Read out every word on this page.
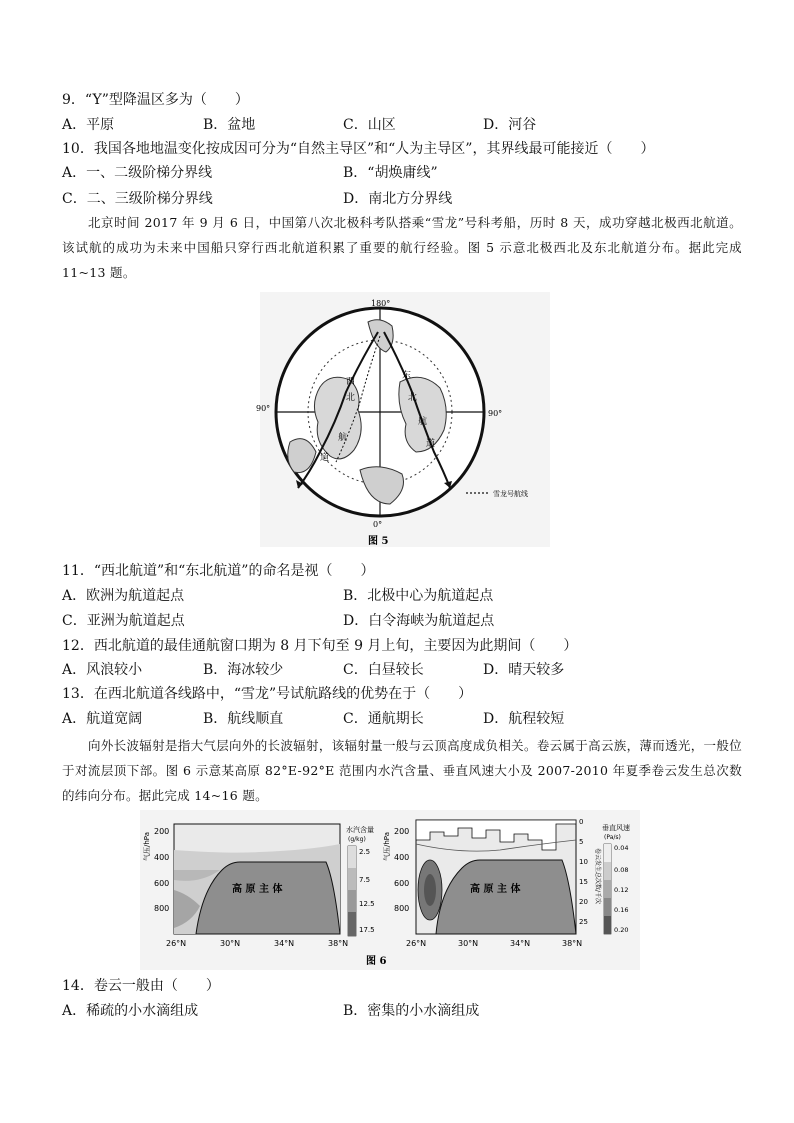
9．“Y”型降温区多为（　　）
A．平原	B．盆地	C．山区	D．河谷
10．我国各地地温变化按成因可分为“自然主导区”和“人为主导区”，其界线最可能接近（　　）
A．一、二级阶梯分界线	B．“胡焕庸线”
C．二、三级阶梯分界线	D．南北方分界线
北京时间 2017 年 9 月 6 日，中国第八次北极科考队搭乘“雪龙”号科考船，历时 8 天，成功穿越北极西北航道。该试航的成功为未来中国船只穿行西北航道积累了重要的航行经验。图 5 示意北极西北及东北航道分布。据此完成 11~13 题。
180°
0°
90°
90°
西
北
航
道
东
北
航
道
雪龙号航线
图 5
11．“西北航道”和“东北航道”的命名是视（　　）
A．欧洲为航道起点	B．北极中心为航道起点
C．亚洲为航道起点	D．白令海峡为航道起点
12．西北航道的最佳通航窗口期为 8 月下旬至 9 月上旬，主要因为此期间（　　）
A．风浪较小	B．海冰较少	C．白昼较长	D．晴天较多
13．在西北航道各线路中，“雪龙”号试航路线的优势在于（　　）
A．航道宽阔	B．航线顺直	C．通航期长	D．航程较短
向外长波辐射是指大气层向外的长波辐射，该辐射量一般与云顶高度成负相关。卷云属于高云族，薄而透光，一般位于对流层顶下部。图 6 示意某高原 82°E-92°E 范围内水汽含量、垂直风速大小及 2007-2010 年夏季卷云发生总次数的纬向分布。据此完成 14~16 题。
气压/hPa
200
400
600
800
高 原 主 体
26°N	30°N	34°N	38°N
水汽含量
(g/kg)
2.5
7.5
12.5
17.5
气压/hPa
200
400
600
800
高 原 主 体
26°N	30°N	34°N	38°N
0
5
10
15
20
25
卷云发生总次数/千次
垂直风速
(Pa/s)
0.04
0.08
0.12
0.16
0.20
图 6
14．卷云一般由（　　）
A．稀疏的小水滴组成	B．密集的小水滴组成
